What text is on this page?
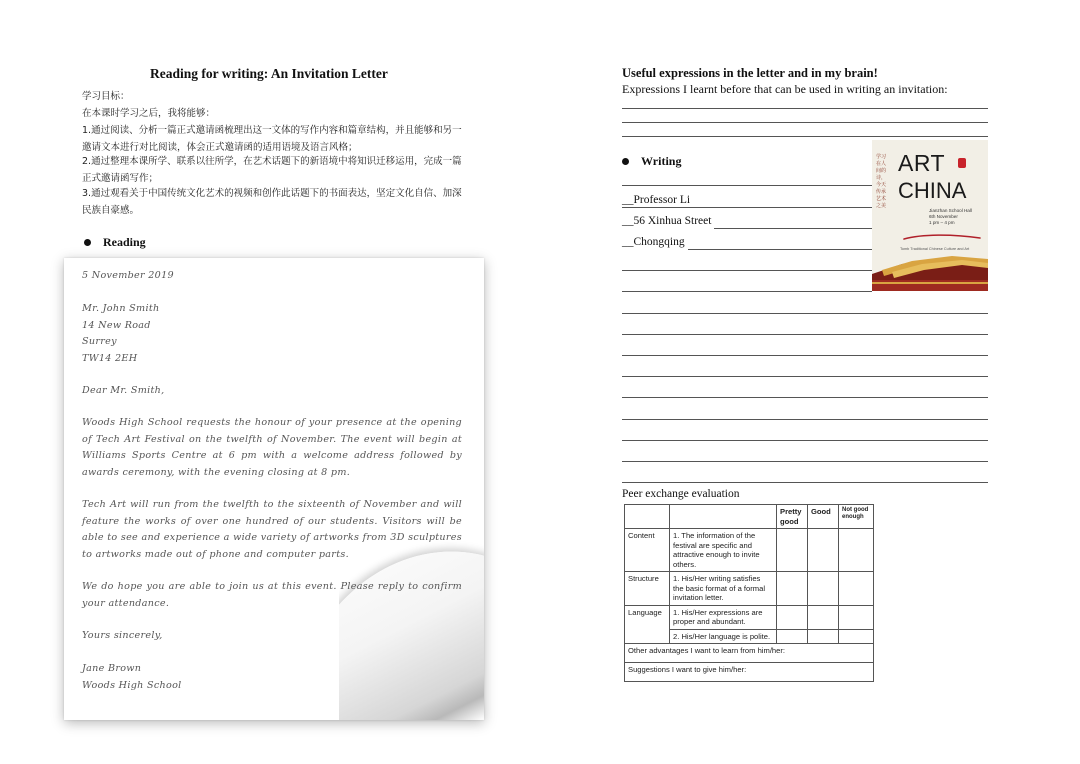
Reading for writing: An Invitation Letter
学习目标：
在本课时学习之后，我将能够：
1.通过阅读、分析一篇正式邀请函梳理出这一文体的写作内容和篇章结构，并且能够和另一邀请文本进行对比阅读，体会正式邀请函的适用语境及语言风格；
2.通过整理本课所学、联系以往所学，在艺术话题下的新语境中将知识迁移运用，完成一篇正式邀请函写作；
3.通过观看关于中国传统文化艺术的视频和创作此话题下的书面表达，坚定文化自信、加深民族自豪感。
Reading
5 November 2019
Mr. John Smith
14 New Road
Surrey
TW14 2EH
Dear Mr. Smith,
Woods High School requests the honour of your presence at the opening of Tech Art Festival on the twelfth of November. The event will begin at Williams Sports Centre at 6 pm with a welcome address followed by awards ceremony, with the evening closing at 8 pm.
Tech Art will run from the twelfth to the sixteenth of November and will feature the works of over one hundred of our students. Visitors will be able to see and experience a wide variety of artworks from 3D sculptures to artworks made out of phone and computer parts.
We do hope you are able to join us at this event. Please reply to confirm your attendance.
Yours sincerely,
Jane Brown
Woods High School
Useful expressions in the letter and in my brain!
Expressions I learnt before that can be used in writing an invitation:
Writing
__Professor Li
__56 Xinhua Street
__Chongqing
学习在人间的诗，今天传承艺术之美
ART
CHINA
Jianzhan School Hall
6th November
1 pm – 4 pm
Tomb Traditional Chinese Culture and Art
Peer exchange evaluation
		Pretty good	Good	Not good enough
Content	1. The information of the festival are specific and attractive enough to invite others.			
Structure	1. His/Her writing satisfies the basic format of a formal invitation letter.			
Language	1. His/Her expressions are proper and abundant.			
	2. His/Her language is polite.			
Other advantages I want to learn from him/her:				
Suggestions I want to give him/her:				
